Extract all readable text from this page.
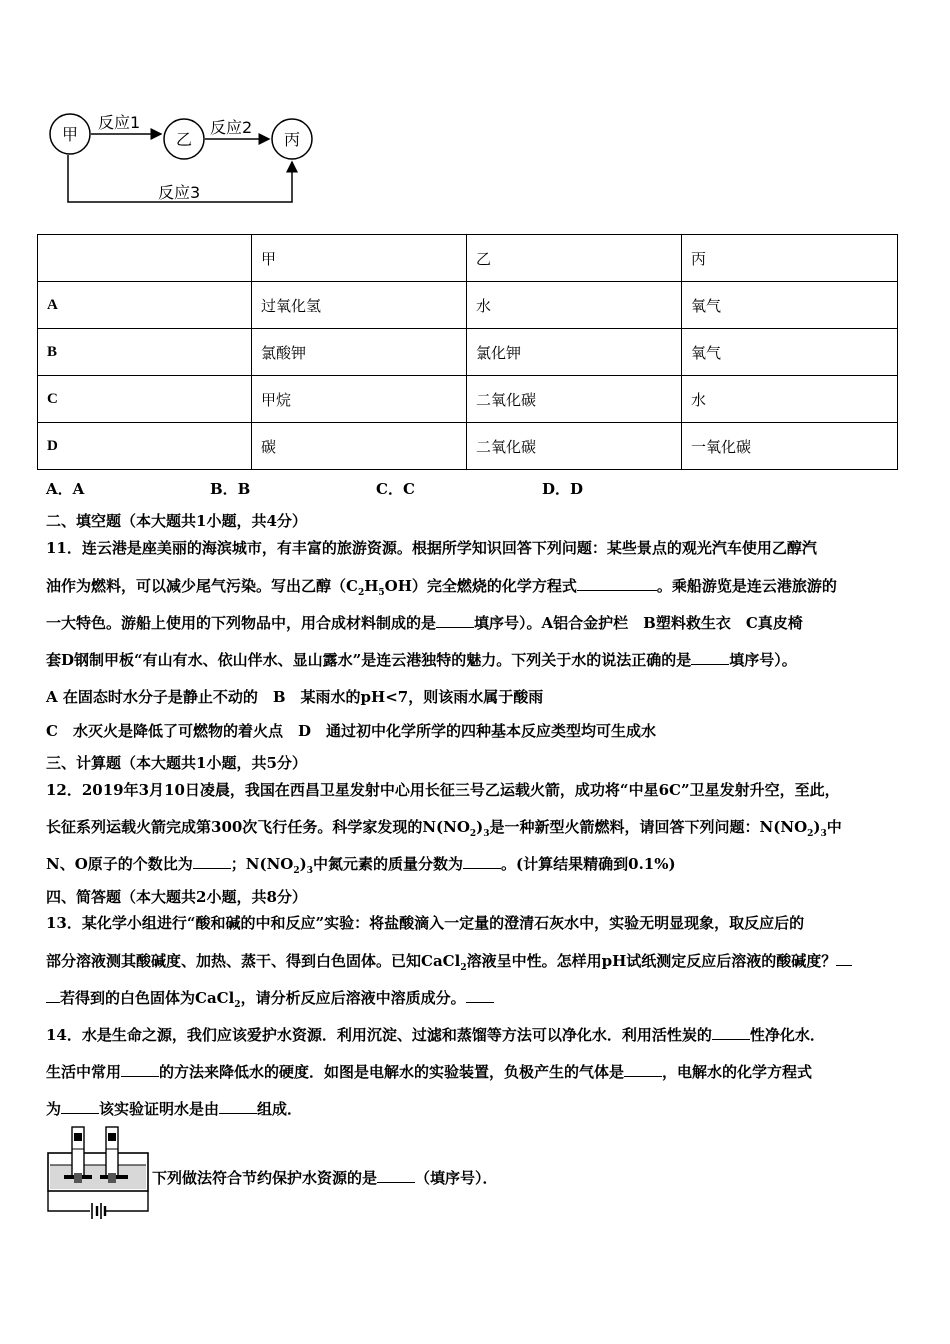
甲	乙	丙
反应1	反应2
反应3
	甲	乙	丙
A	过氧化氢	水	氧气
B	氯酸钾	氯化钾	氧气
C	甲烷	二氧化碳	水
D	碳	二氧化碳	一氧化碳
A．A	B．B	C．C	D．D
二、填空题（本大题共1小题，共4分）
11．连云港是座美丽的海滨城市，有丰富的旅游资源。根据所学知识回答下列问题：某些景点的观光汽车使用乙醇汽
油作为燃料，可以减少尾气污染。写出乙醇$(C_2H_5OH)$完全燃烧的化学方程式	。乘船游览是连云港旅游的
一大特色。游船上使用的下列物品中，用合成材料制成的是	填序号）。A铝合金护栏　B塑料救生衣　C真皮椅
套D钢制甲板“有山有水、依山伴水、显山露水”是连云港独特的魅力。下列关于水的说法正确的是	填序号）。
A 在固态时水分子是静止不动的　B　某雨水的pH<7，则该雨水属于酸雨
C　水灭火是降低了可燃物的着火点　D　通过初中化学所学的四种基本反应类型均可生成水
三、计算题（本大题共1小题，共5分）
12．2019年3月10日凌晨，我国在西昌卫星发射中心用长征三号乙运载火箭，成功将“中星6C”卫星发射升空，至此，
长征系列运载火箭完成第300次飞行任务。科学家发现的$N(NO_2)_3$是一种新型火箭燃料，请回答下列问题：$N(NO_2)_3$中
N、O原子的个数比为	；$N(NO_2)_3$中氮元素的质量分数为	。(计算结果精确到0.1%)
四、简答题（本大题共2小题，共8分）
13．某化学小组进行“酸和碱的中和反应”实验：将盐酸滴入一定量的澄清石灰水中，实验无明显现象，取反应后的
部分溶液测其酸碱度、加热、蒸干、得到白色固体。已知CaCl$_2$溶液呈中性。怎样用pH试纸测定反应后溶液的酸碱度？
若得到的白色固体为CaCl$_2$，请分析反应后溶液中溶质成分。
14．水是生命之源，我们应该爱护水资源．利用沉淀、过滤和蒸馏等方法可以净化水．利用活性炭的	性净化水．
生活中常用	的方法来降低水的硬度．如图是电解水的实验装置，负极产生的气体是	，电解水的化学方程式
为	该实验证明水是由	组成．
下列做法符合节约保护水资源的是	（填序号）．
